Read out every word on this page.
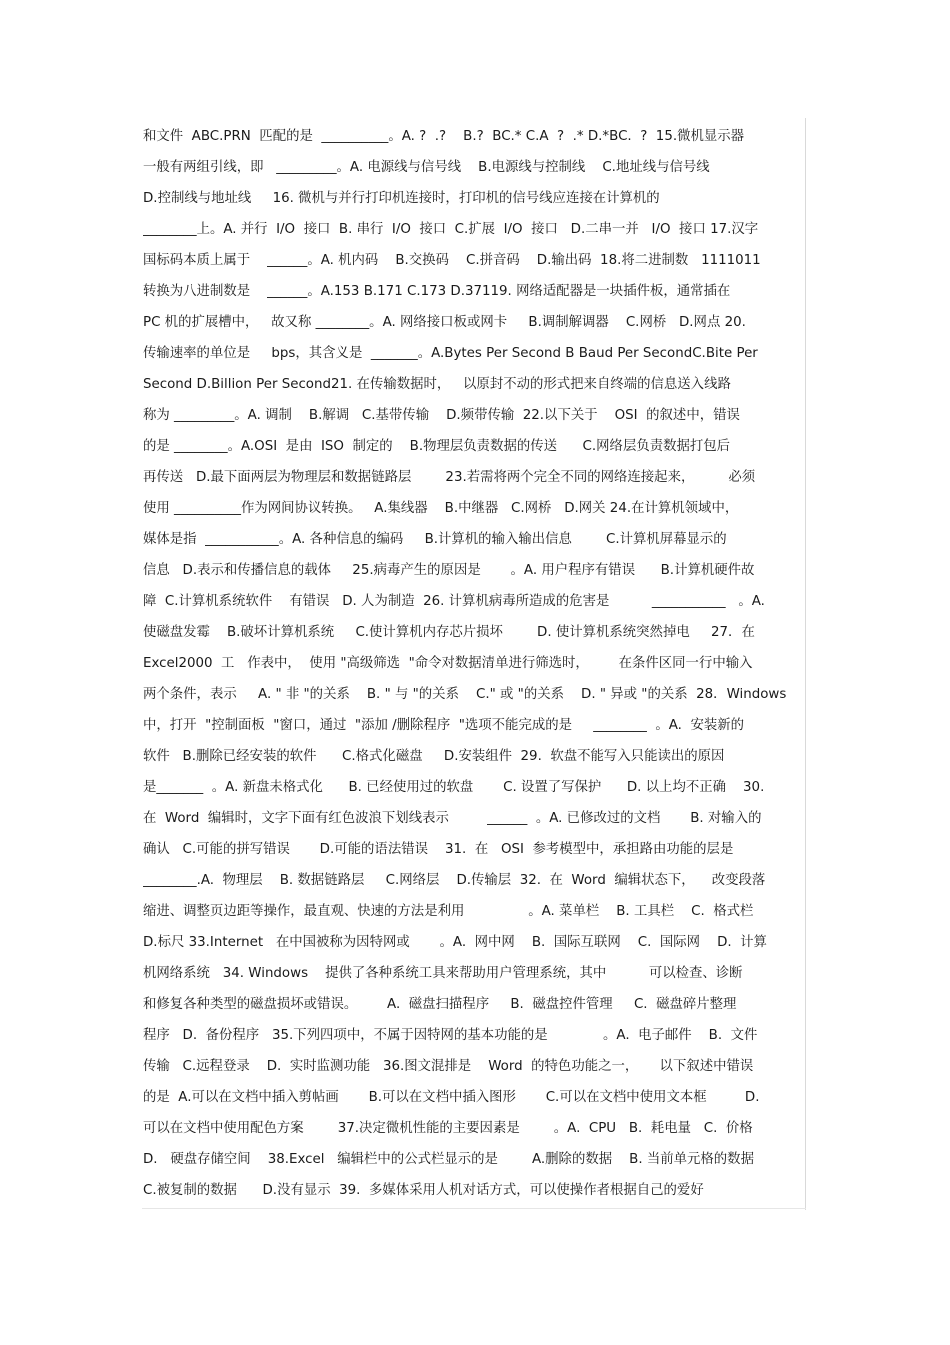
和文件  ABC.PRN  匹配的是  __________。A. ?  .?    B.?  BC.* C.A  ?  .* D.*BC.  ?  15.微机显示器
一般有两组引线，即   _________。A. 电源线与信号线    B.电源线与控制线    C.地址线与信号线
D.控制线与地址线     16. 微机与并行打印机连接时，打印机的信号线应连接在计算机的
________上。A. 并行  I/O  接口  B. 串行  I/O  接口  C.扩展  I/O  接口   D.二串一并   I/O  接口 17.汉字
国标码本质上属于    ______。A. 机内码    B.交换码    C.拼音码    D.输出码  18.将二进制数   1111011
转换为八进制数是    ______。A.153 B.171 C.173 D.37119. 网络适配器是一块插件板，通常插在
PC 机的扩展槽中，   故又称 ________。A. 网络接口板或网卡     B.调制解调器    C.网桥   D.网点 20.
传输速率的单位是     bps，其含义是  _______。A.Bytes Per Second B Baud Per SecondC.Bite Per
Second D.Billion Per Second21. 在传输数据时，   以原封不动的形式把来自终端的信息送入线路
称为 _________。A. 调制    B.解调   C.基带传输    D.频带传输  22.以下关于    OSI  的叙述中，错误
的是 ________。A.OSI  是由  ISO  制定的    B.物理层负责数据的传送      C.网络层负责数据打包后
再传送   D.最下面两层为物理层和数据链路层        23.若需将两个完全不同的网络连接起来，        必须
使用 __________作为网间协议转换。   A.集线器    B.中继器   C.网桥   D.网关 24.在计算机领域中，
媒体是指  ___________。A. 各种信息的编码     B.计算机的输入输出信息        C.计算机屏幕显示的
信息   D.表示和传播信息的载体     25.病毒产生的原因是       。A. 用户程序有错误      B.计算机硬件故
障  C.计算机系统软件    有错误   D. 人为制造  26. 计算机病毒所造成的危害是          ___________   。A.
使磁盘发霉    B.破坏计算机系统     C.使计算机内存芯片损坏        D. 使计算机系统突然掉电     27．在
Excel2000  工   作表中，  使用 "高级筛选  "命令对数据清单进行筛选时，       在条件区同一行中输入
两个条件，表示     A. " 非 "的关系    B. " 与 "的关系    C." 或 "的关系    D. " 异或 "的关系  28．Windows
中，打开  "控制面板  "窗口，通过  "添加 /删除程序  "选项不能完成的是     ________  。A.  安装新的
软件   B.删除已经安装的软件      C.格式化磁盘     D.安装组件  29.  软盘不能写入只能读出的原因
是_______  。A. 新盘未格式化      B. 已经使用过的软盘       C. 设置了写保护      D. 以上均不正确    30.
在  Word  编辑时，文字下面有红色波浪下划线表示         ______  。A. 已修改过的文档       B. 对输入的
确认   C.可能的拼写错误       D.可能的语法错误    31.  在   OSI  参考模型中，承担路由功能的层是
________.A.  物理层    B. 数据链路层     C.网络层    D.传输层  32.  在  Word  编辑状态下，    改变段落
缩进、调整页边距等操作，最直观、快速的方法是利用               。A. 菜单栏    B. 工具栏    C.  格式栏
D.标尺 33.Internet   在中国被称为因特网或       。A.  网中网    B.  国际互联网    C.  国际网    D.  计算
机网络系统   34. Windows    提供了各种系统工具来帮助用户管理系统，其中          可以检查、诊断
和修复各种类型的磁盘损坏或错误。       A.  磁盘扫描程序     B.  磁盘控件管理     C.  磁盘碎片整理
程序   D.  备份程序   35.下列四项中，不属于因特网的基本功能的是             。A.  电子邮件    B.  文件
传输   C.远程登录    D.  实时监测功能   36.图文混排是    Word  的特色功能之一，     以下叙述中错误
的是  A.可以在文档中插入剪帖画       B.可以在文档中插入图形       C.可以在文档中使用文本框         D.
可以在文档中使用配色方案        37.决定微机性能的主要因素是        。A.  CPU   B.  耗电量   C.  价格
D.   硬盘存储空间    38.Excel   编辑栏中的公式栏显示的是        A.删除的数据    B. 当前单元格的数据
C.被复制的数据      D.没有显示  39.  多媒体采用人机对话方式，可以使操作者根据自己的爱好
